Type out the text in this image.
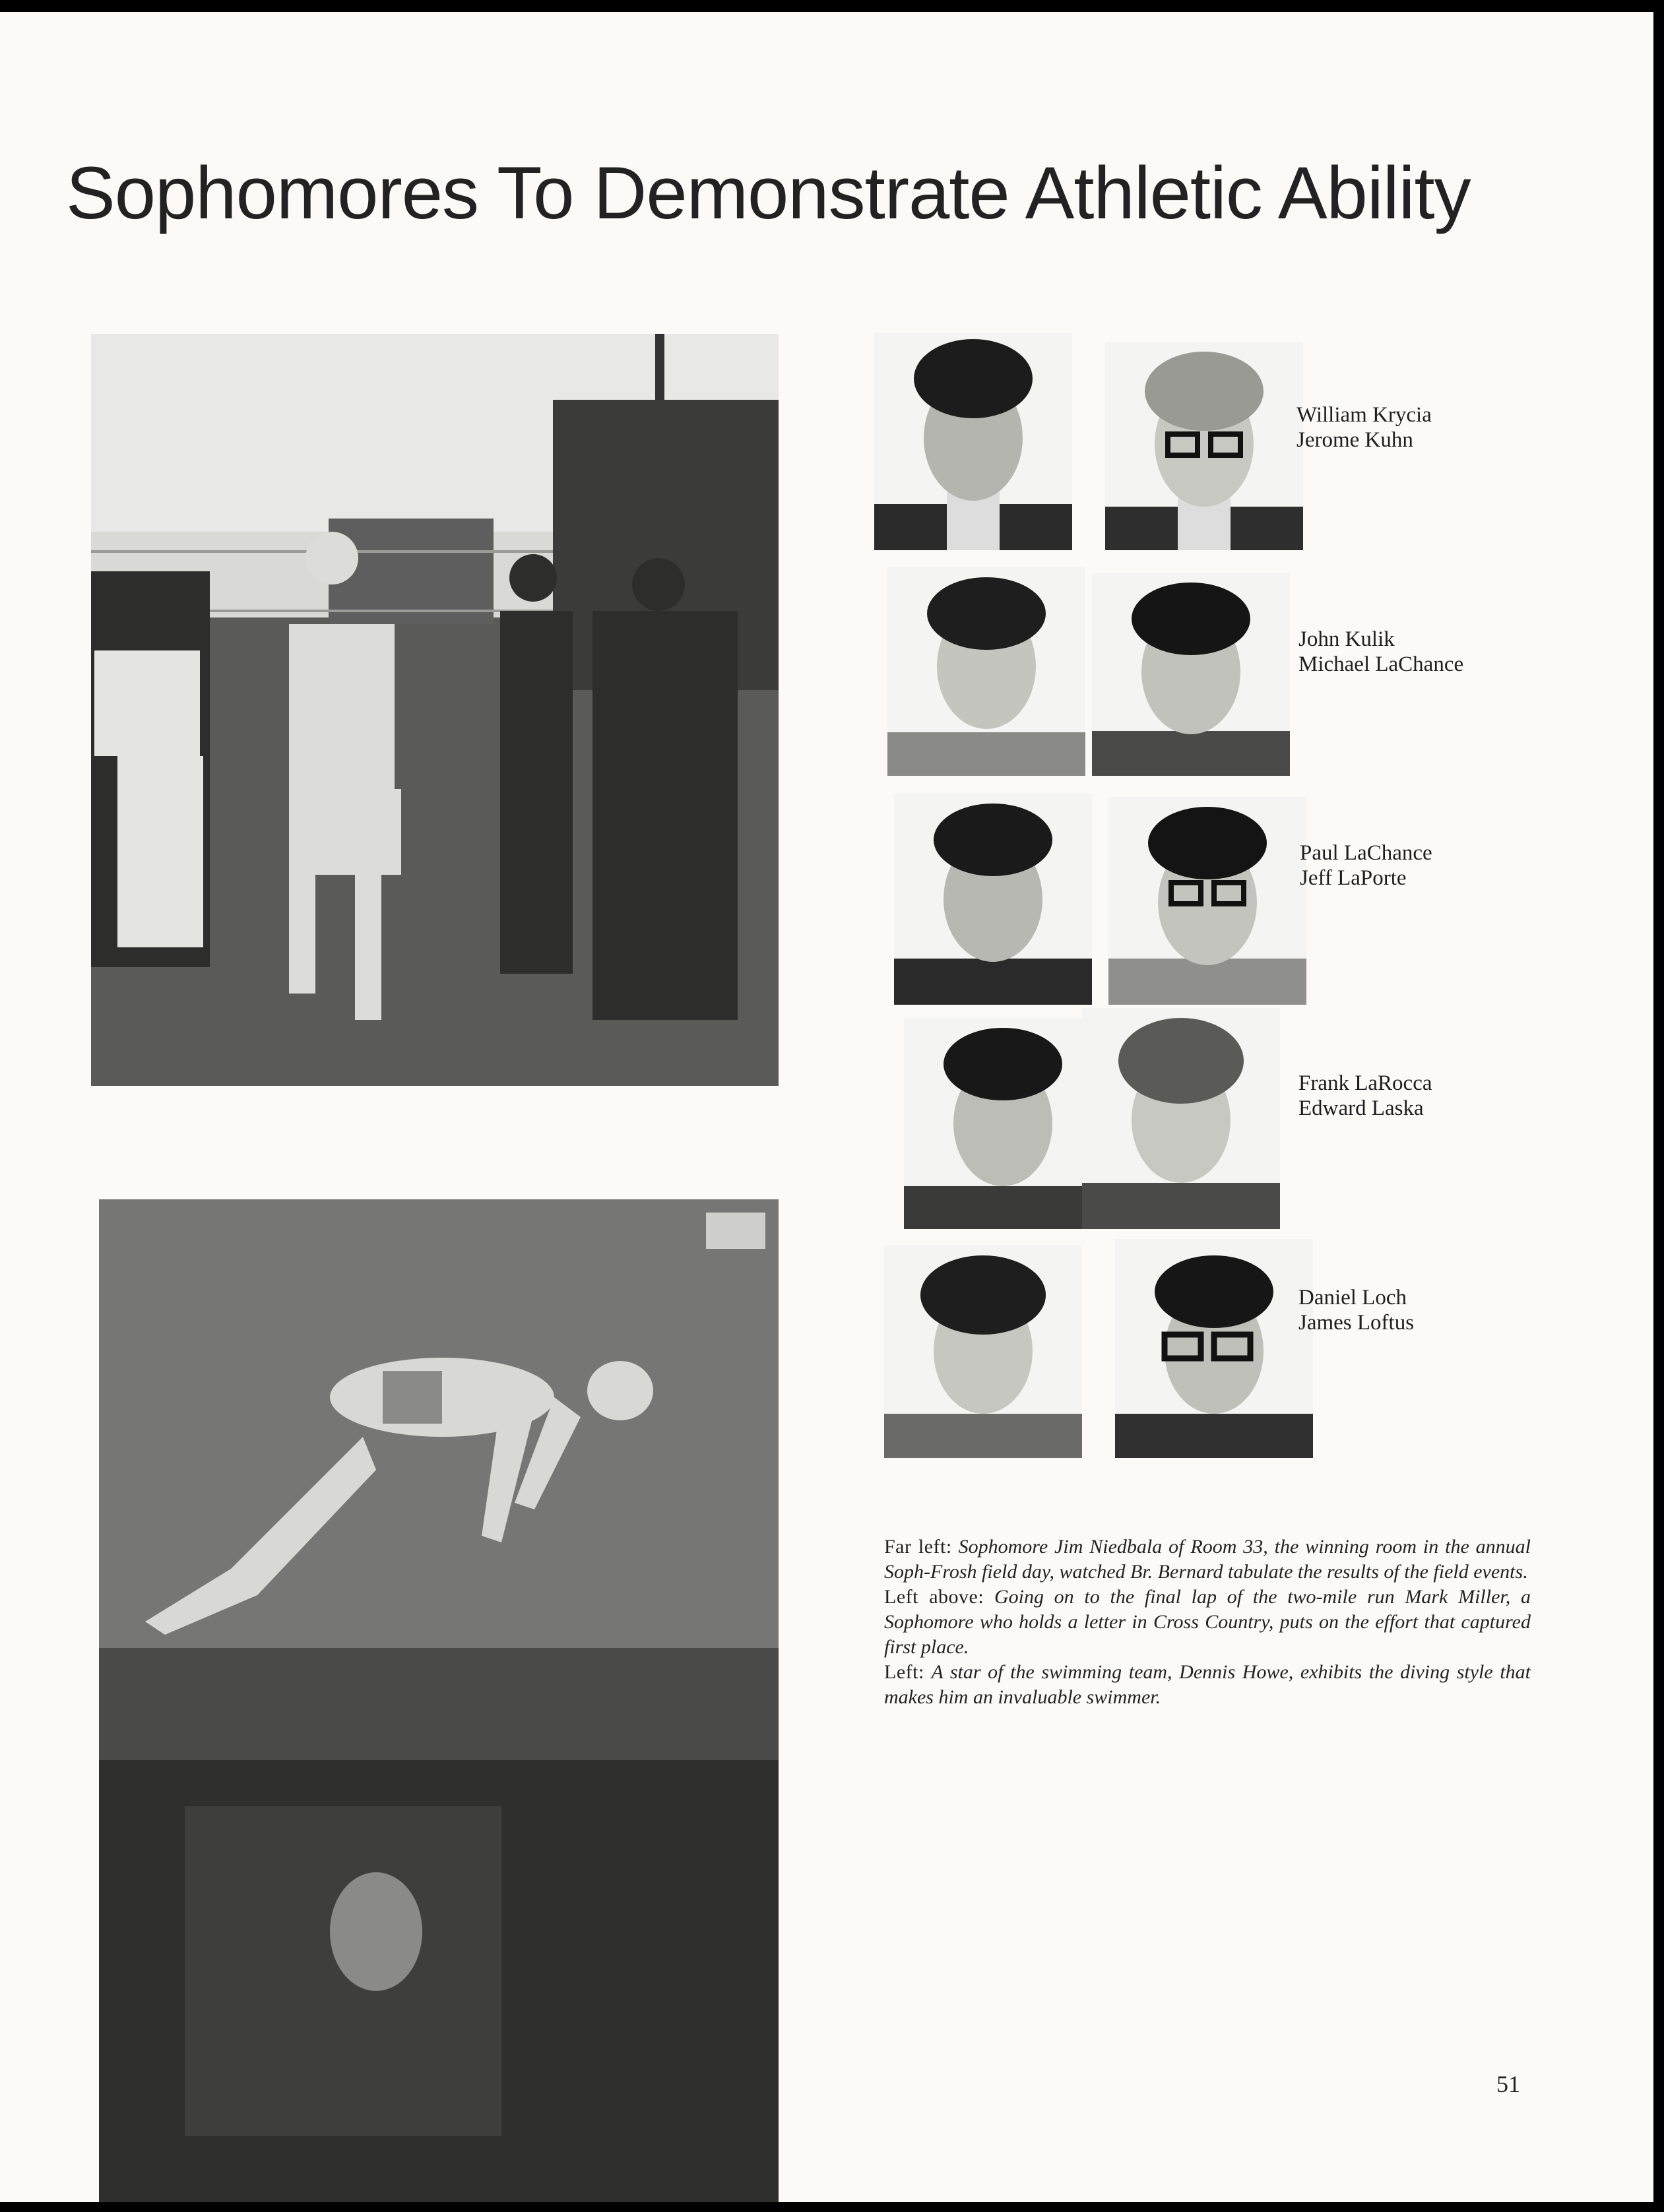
Sophomores To Demonstrate Athletic Ability
William Krycia
Jerome Kuhn
John Kulik
Michael LaChance
Paul LaChance
Jeff LaPorte
Frank LaRocca
Edward Laska
Daniel Loch
James Loftus

Far left: Sophomore Jim Niedbala of Room 33, the winning room in the annual Soph-Frosh field day, watched Br. Bernard tabulate the results of the field events.

Left above: Going on to the final lap of the two-mile run Mark Miller, a Sophomore who holds a letter in Cross Country, puts on the effort that captured first place.

Left: A star of the swimming team, Dennis Howe, exhibits the diving style that makes him an invaluable swimmer.

51
